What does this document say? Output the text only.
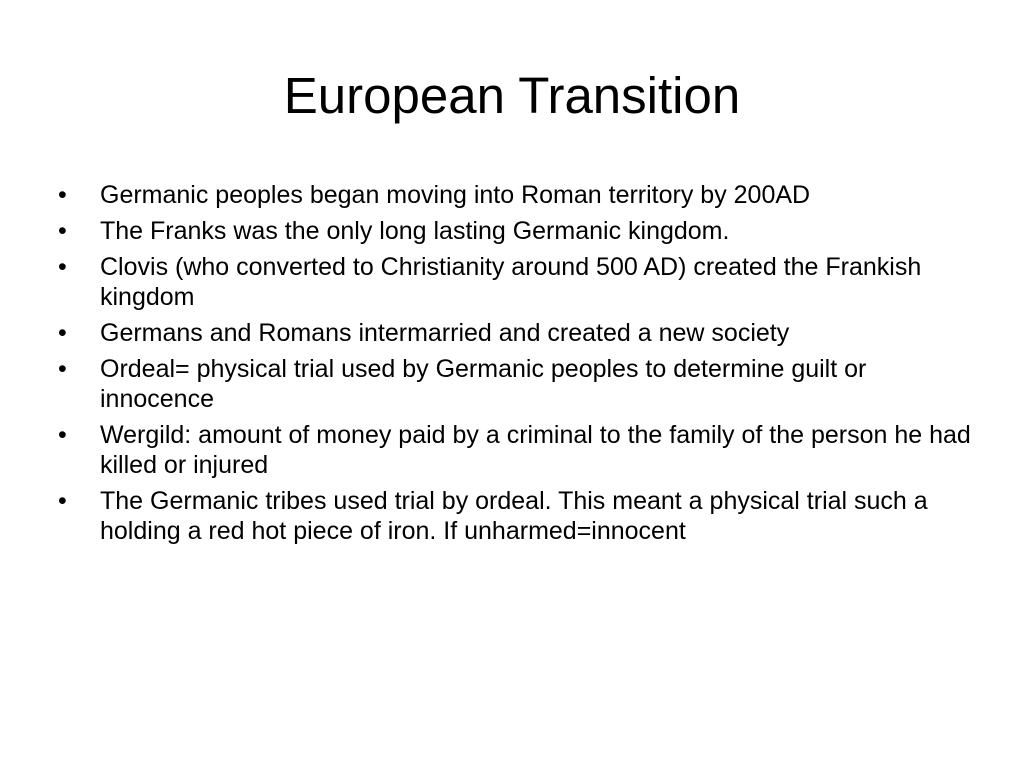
European Transition
•	Germanic peoples began moving into Roman territory by 200AD
•	The Franks was the only long lasting Germanic kingdom.
•	Clovis (who converted to Christianity around 500 AD) created the Frankish kingdom
•	Germans and Romans intermarried and created a new society
•	Ordeal= physical trial used by Germanic peoples to determine guilt or innocence
•	Wergild: amount of money paid by a criminal to the family of the person he had killed or injured
•	The Germanic tribes used trial by ordeal. This meant a physical trial such a holding a red hot piece of iron. If unharmed=innocent
